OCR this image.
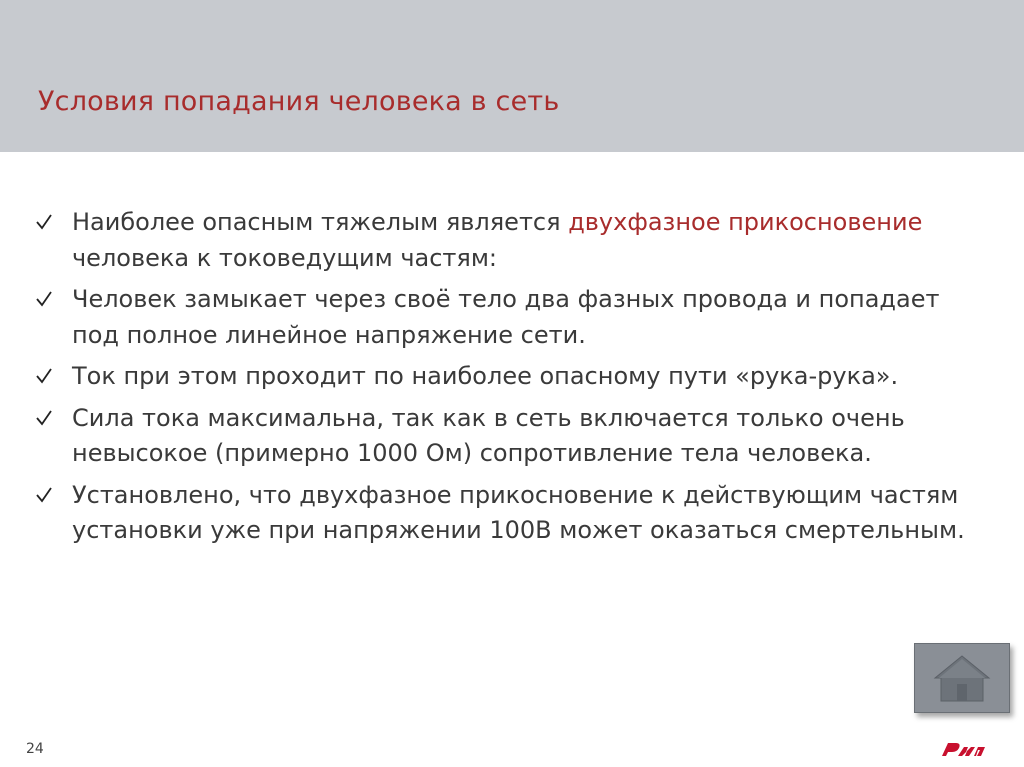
Условия попадания человека в сеть
Наиболее опасным тяжелым является двухфазное прикосновение человека к токоведущим частям:
Человек замыкает через своё тело два фазных провода и попадает под полное линейное напряжение сети.
Ток при этом проходит по наиболее опасному пути «рука-рука».
Сила тока максимальна, так как в сеть включается только очень невысокое (примерно 1000 Ом) сопротивление тела человека.
Установлено, что двухфазное прикосновение к действующим частям установки уже при напряжении 100В может оказаться смертельным.
24
